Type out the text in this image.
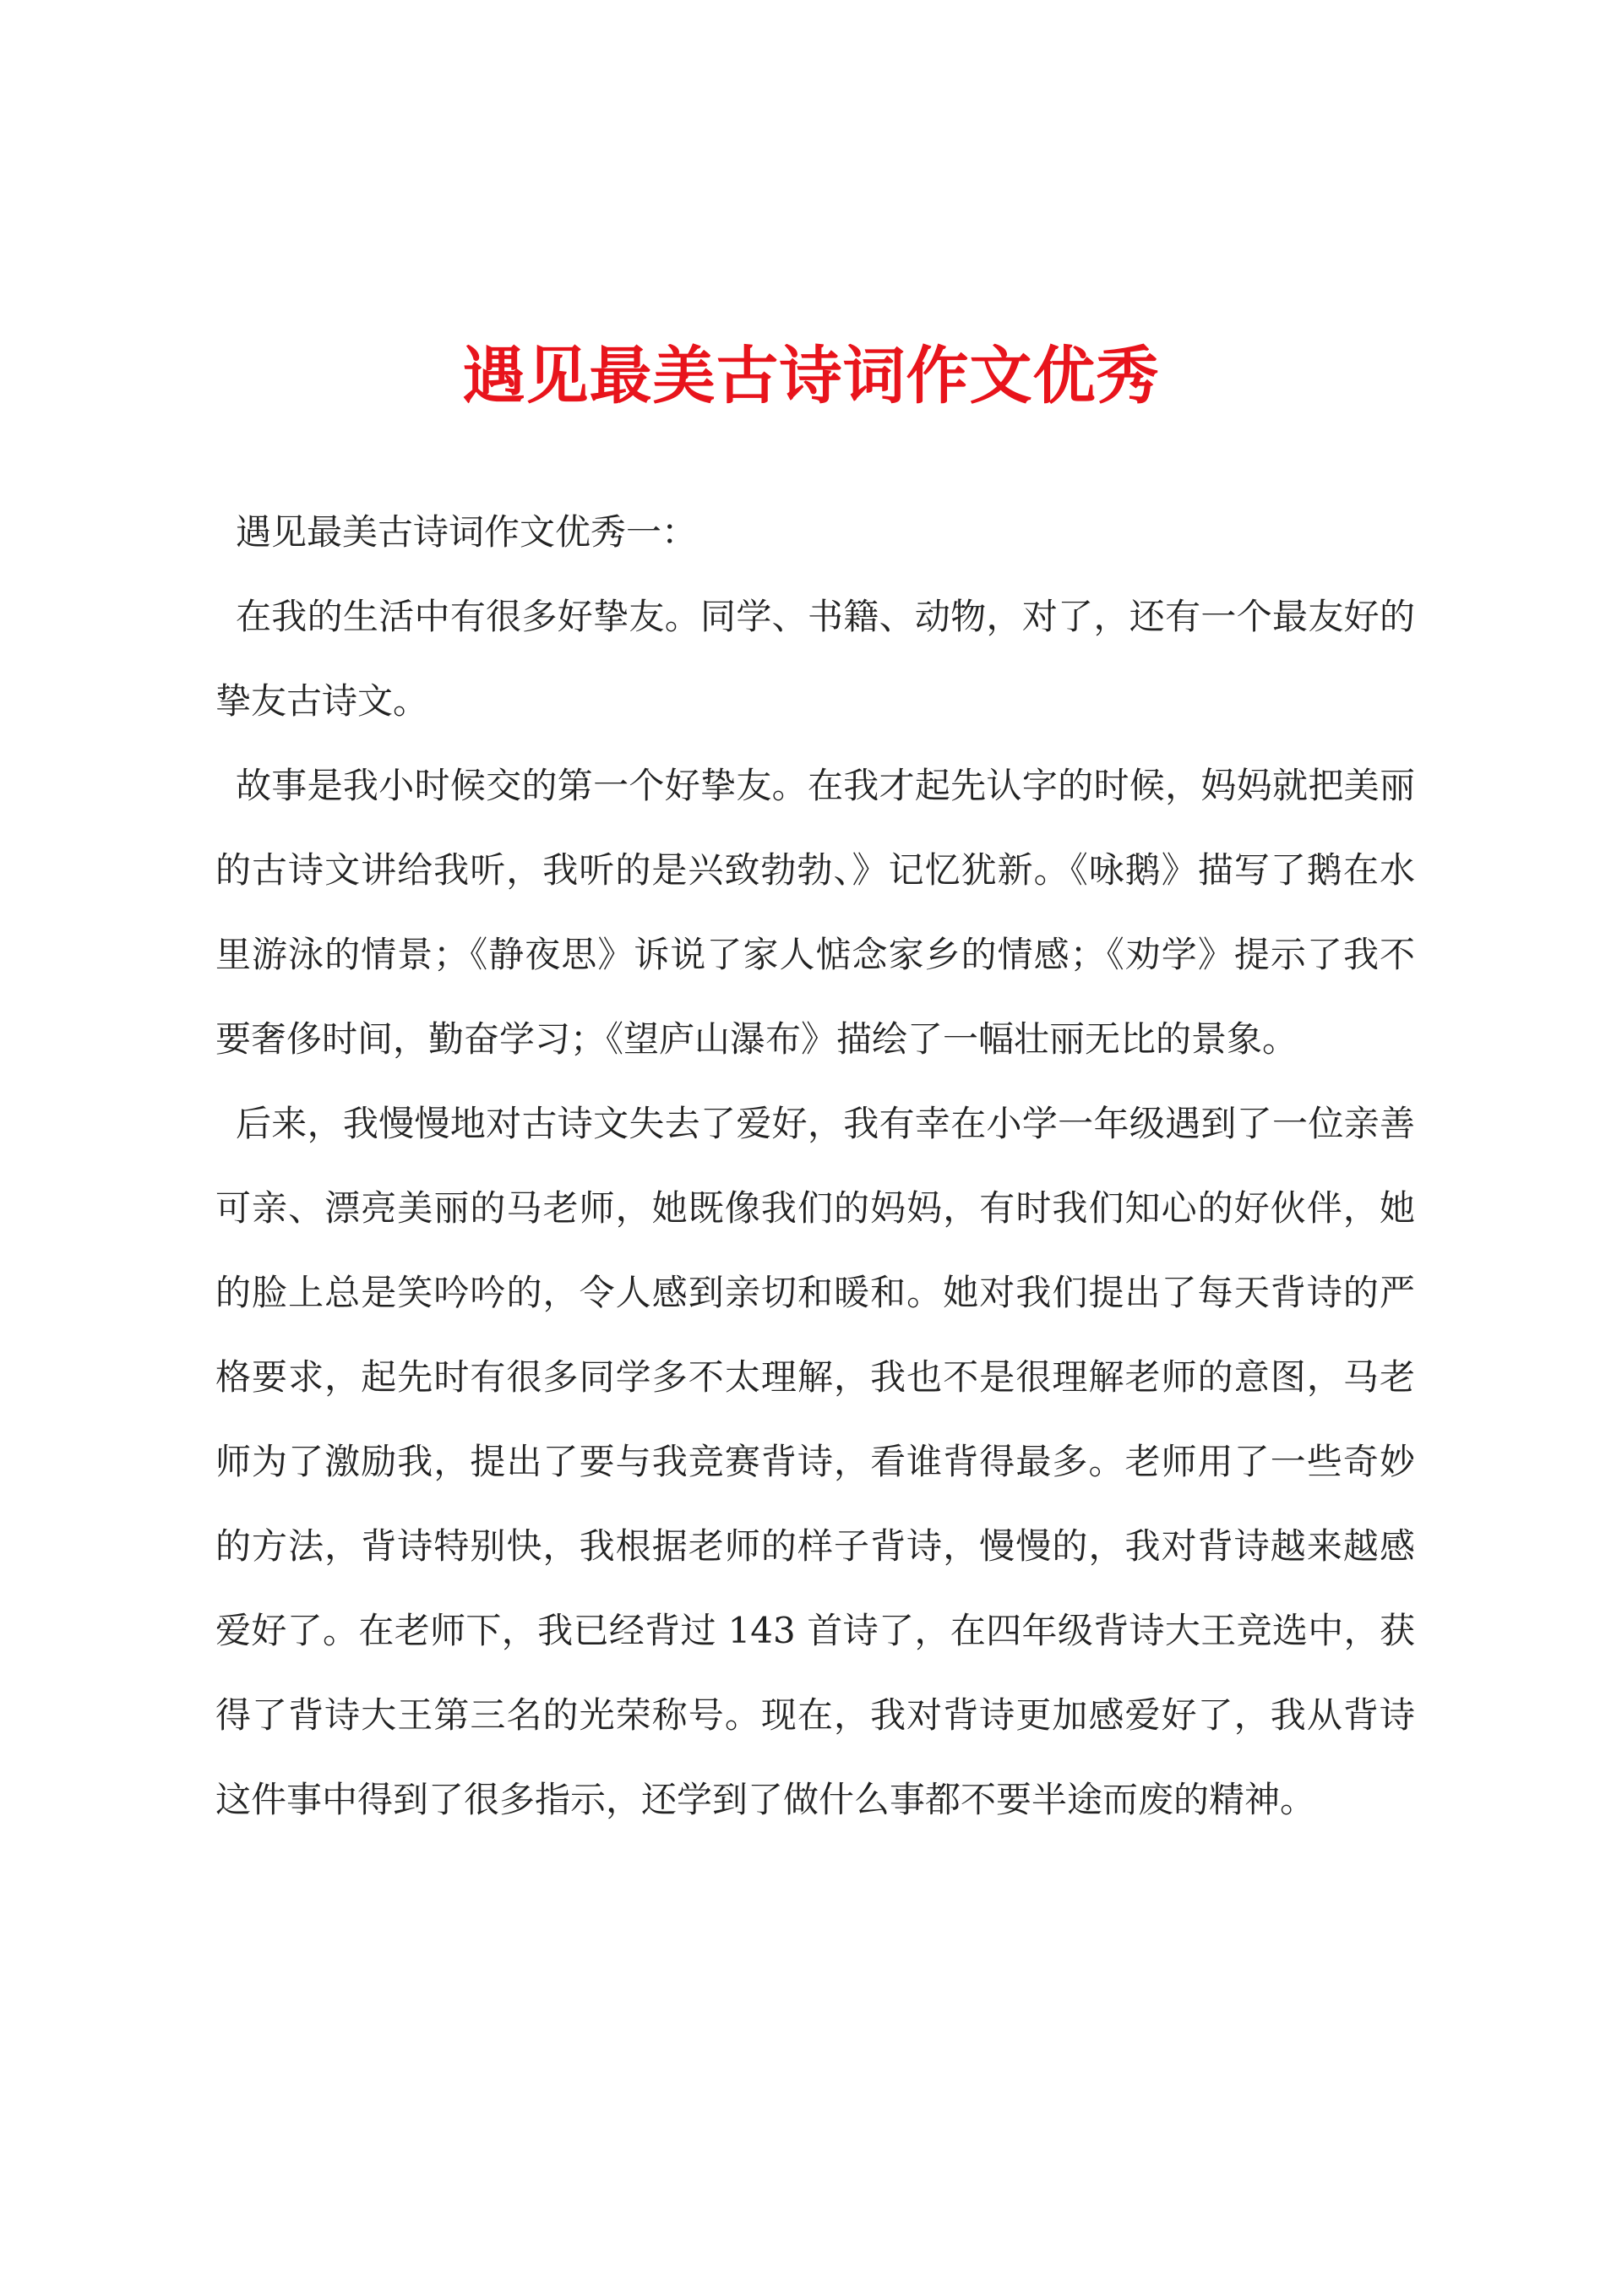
遇见最美古诗词作文优秀

遇见最美古诗词作文优秀一：

在我的生活中有很多好挚友。同学、书籍、动物，对了，还有一个最友好的挚友古诗文。

故事是我小时候交的第一个好挚友。在我才起先认字的时候，妈妈就把美丽的古诗文讲给我听，我听的是兴致勃勃、》记忆犹新。《咏鹅》描写了鹅在水里游泳的情景；《静夜思》诉说了家人惦念家乡的情感；《劝学》提示了我不要奢侈时间，勤奋学习；《望庐山瀑布》描绘了一幅壮丽无比的景象。

后来，我慢慢地对古诗文失去了爱好，我有幸在小学一年级遇到了一位亲善可亲、漂亮美丽的马老师，她既像我们的妈妈，有时我们知心的好伙伴，她的脸上总是笑吟吟的，令人感到亲切和暖和。她对我们提出了每天背诗的严格要求，起先时有很多同学多不太理解，我也不是很理解老师的意图，马老师为了激励我，提出了要与我竞赛背诗，看谁背得最多。老师用了一些奇妙的方法，背诗特别快，我根据老师的样子背诗，慢慢的，我对背诗越来越感爱好了。在老师下，我已经背过 143 首诗了，在四年级背诗大王竞选中，获得了背诗大王第三名的光荣称号。现在，我对背诗更加感爱好了，我从背诗这件事中得到了很多指示，还学到了做什么事都不要半途而废的精神。
